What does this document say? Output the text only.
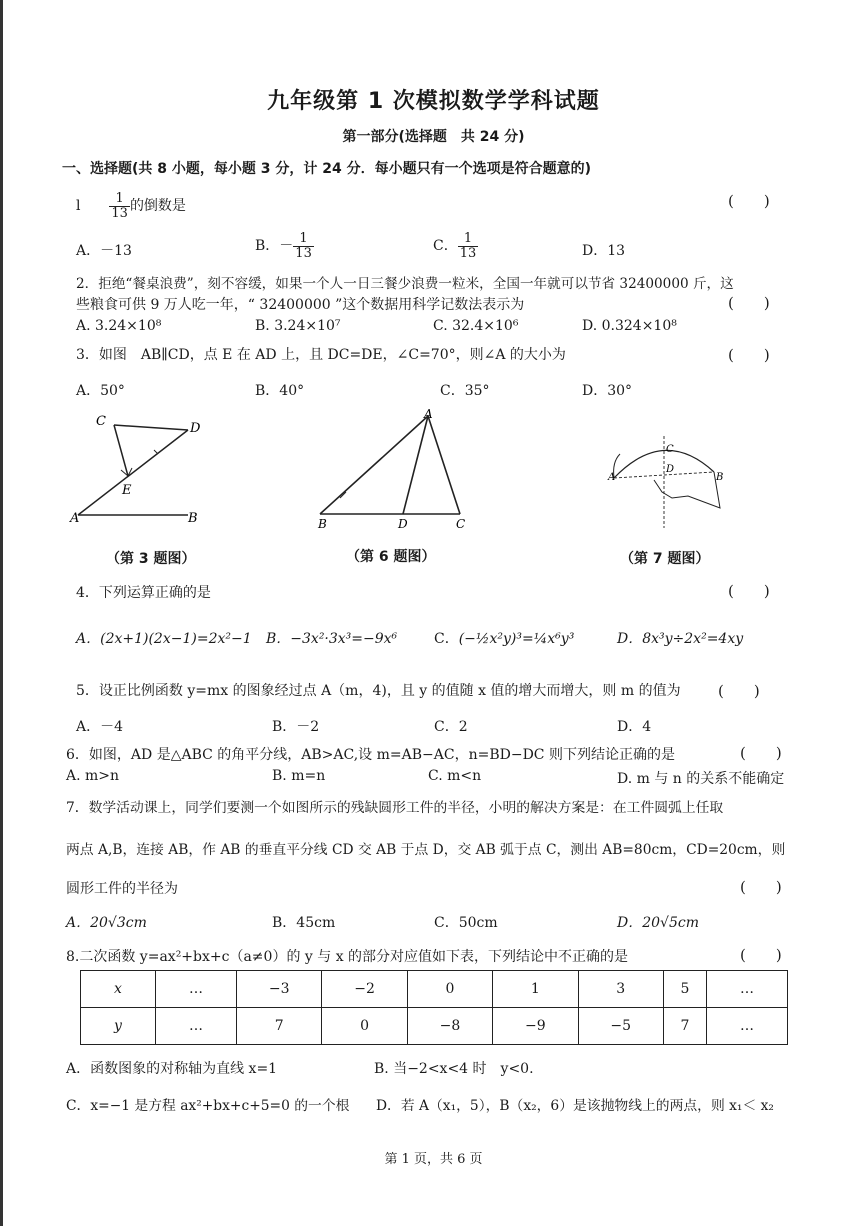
九年级第 1 次模拟数学学科试题
第一部分(选择题　共 24 分)
一、选择题(共 8 小题，每小题 3 分，计 24 分．每小题只有一个选项是符合题意的)
l $\frac{1}{13}$ 的倒数是	(　　)
A．－13	B．－ $\frac{1}{13}$	C． $\frac{1}{13}$	D．13
2．拒绝“餐桌浪费”，刻不容缓，如果一个人一日三餐少浪费一粒米，全国一年就可以节省 32400000 斤，这
些粮食可供 9 万人吃一年，“ 32400000 ”这个数据用科学记数法表示为	(　　)
A. 3.24×10⁸	B. 3.24×10⁷	C. 32.4×10⁶	D. 0.324×10⁸
3．如图　AB∥CD，点 E 在 AD 上，且 DC=DE，∠C=70°，则∠A 的大小为	(　　)
A．50°	B．40°	C．35°	D．30°
C	D
E
A	B
A
B	D	C
C
D
A	B
（第 3 题图）	（第 6 题图）	（第 7 题图）
4．下列运算正确的是	(　　)
A．(2x+1)(2x−1)=2x²−1 B．−3x²·3x³=−9x⁶	C．(−½x²y)³=¼x⁶y³	D．8x³y÷2x²=4xy
5．设正比例函数 y=mx 的图象经过点 A（m，4)，且 y 的值随 x 值的增大而增大，则 m 的值为 (　　)
A．－4	B．－2	C．2	D．4
6．如图，AD 是△ABC 的角平分线，AB>AC,设 m=AB−AC，n=BD−DC 则下列结论正确的是	(　　)
A. m>n	B. m=n	C. m<n	D. m 与 n 的关系不能确定
7．数学活动课上，同学们要测一个如图所示的残缺圆形工件的半径，小明的解决方案是：在工件圆弧上任取
两点 A,B，连接 AB，作 AB 的垂直平分线 CD 交 AB 于点 D，交 AB 弧于点 C，测出 AB=80cm，CD=20cm，则
圆形工件的半径为	(　　)
A．20√3cm	B．45cm	C．50cm	D．20√5cm
8.二次函数 y=ax²+bx+c（a≠0）的 y 与 x 的部分对应值如下表，下列结论中不正确的是	(　　)
x	…	−3	−2	0	1	3	5	…
y	…	7	0	−8	−9	−5	7	…
A．函数图象的对称轴为直线 x=1	B. 当−2<x<4 时　y<0.
C．x=−1 是方程 ax²+bx+c+5=0 的一个根 D．若 A（x₁，5），B（x₂，6）是该抛物线上的两点，则 x₁＜ x₂
第 1 页，共 6 页
